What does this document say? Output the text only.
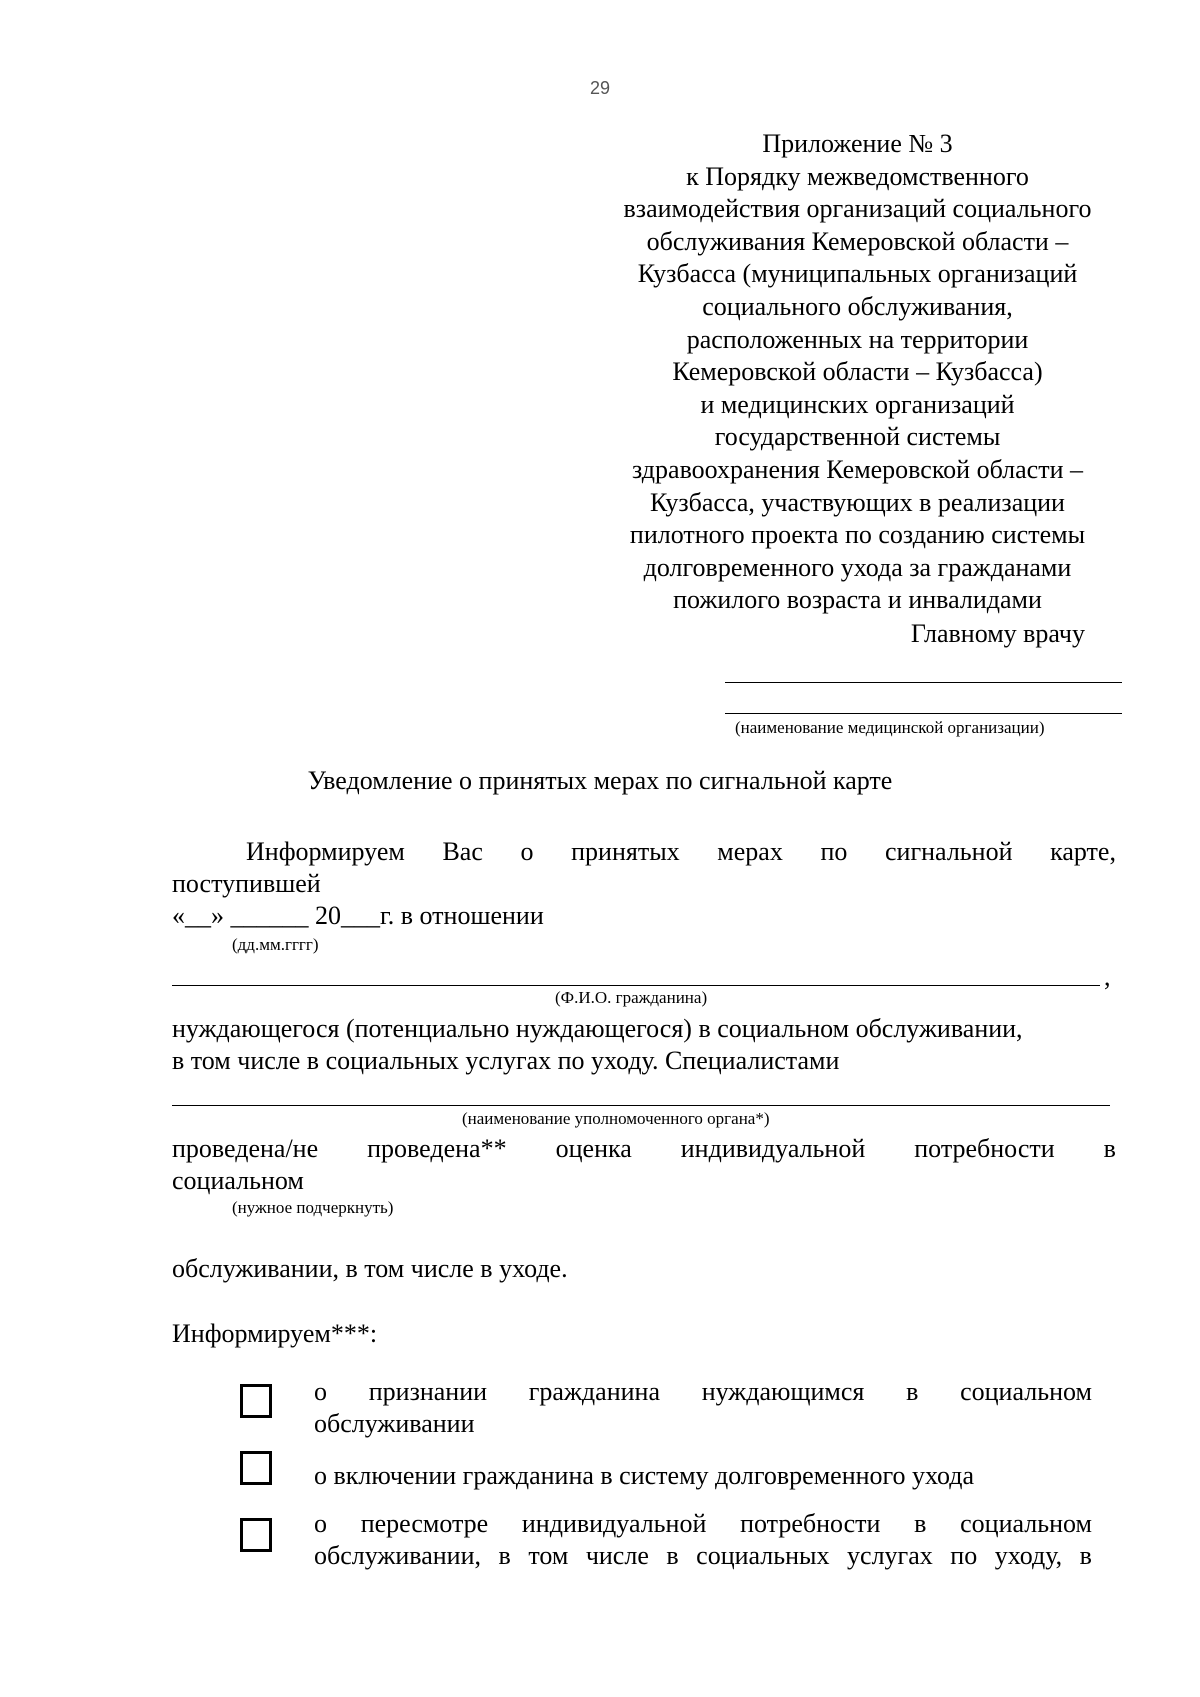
29
Приложение № 3
к Порядку межведомственного
взаимодействия организаций социального
обслуживания Кемеровской области –
Кузбасса (муниципальных организаций
социального обслуживания,
расположенных на территории
Кемеровской области – Кузбасса)
и медицинских организаций
государственной системы
здравоохранения Кемеровской области –
Кузбасса, участвующих в реализации
пилотного проекта по созданию системы
долговременного ухода за гражданами
пожилого возраста и инвалидами
Главному врачу
(наименование медицинской организации)
Уведомление о принятых мерах по сигнальной карте
Информируем Вас о принятых мерах по сигнальной карте,
поступившей
«__» ______ 20___г. в отношении
(дд.мм.гггг)
,
(Ф.И.О. гражданина)
нуждающегося (потенциально нуждающегося) в социальном обслуживании,
в том числе в социальных услугах по уходу. Специалистами
(наименование уполномоченного органа*)
проведена/не проведена** оценка индивидуальной потребности в
социальном
(нужное подчеркнуть)
обслуживании, в том числе в уходе.
Информируем***:
о признании гражданина нуждающимся в социальном
обслуживании
о включении гражданина в систему долговременного ухода
о пересмотре индивидуальной потребности в социальном
обслуживании, в том числе в социальных услугах по уходу, в
